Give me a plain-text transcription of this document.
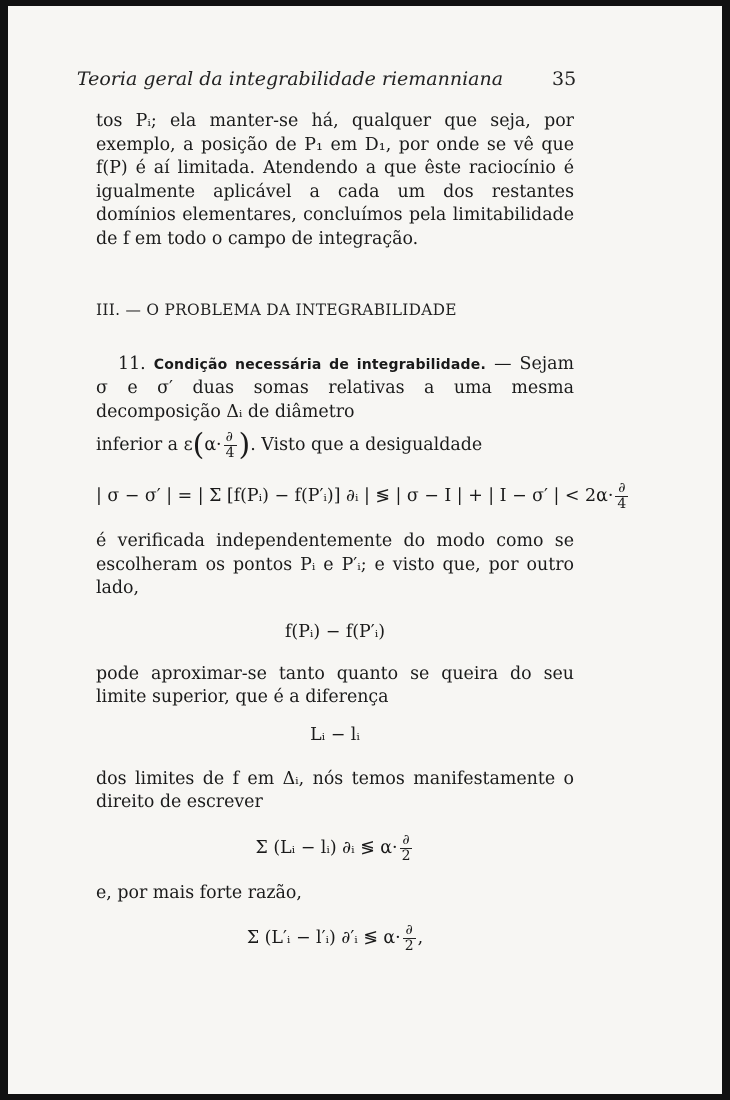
Teoria geral da integrabilidade riemanniana	35

tos Pᵢ; ela manter-se há, qualquer que seja, por exemplo, a posição de P₁ em D₁, por onde se vê que f(P) é aí limitada. Atendendo a que êste raciocínio é igualmente aplicável a cada um dos restantes domínios elementares, concluímos pela limitabilidade de f em todo o campo de integração.

III. — O PROBLEMA DA INTEGRABILIDADE

11. Condição necessária de integrabilidade. — Sejam σ e σ′ duas somas relativas a uma mesma decomposição Δᵢ de diâmetro

inferior a $\varepsilon(\alpha\cdot \frac{\partial}{4}$ ). Visto que a desigualdade

| σ − σ′ | = | Σ [f(Pᵢ) − f(P′ᵢ)] ∂ᵢ | ≶ | σ − I | + | I − σ′ | < $2\alpha\cdot \frac{\partial}{4}$

é verificada independentemente do modo como se escolheram os pontos Pᵢ e P′ᵢ; e visto que, por outro lado,

f(Pᵢ) − f(P′ᵢ)

pode aproximar-se tanto quanto se queira do seu limite superior, que é a diferença

Lᵢ − lᵢ

dos limites de f em Δᵢ, nós temos manifestamente o direito de escrever

Σ (Lᵢ − lᵢ) ∂ᵢ ≶ $\alpha\cdot \frac{\partial}{2}$

e, por mais forte razão,

Σ (L′ᵢ − l′ᵢ) ∂′ᵢ ≶ $\alpha\cdot \frac{\partial}{2}$ ,
